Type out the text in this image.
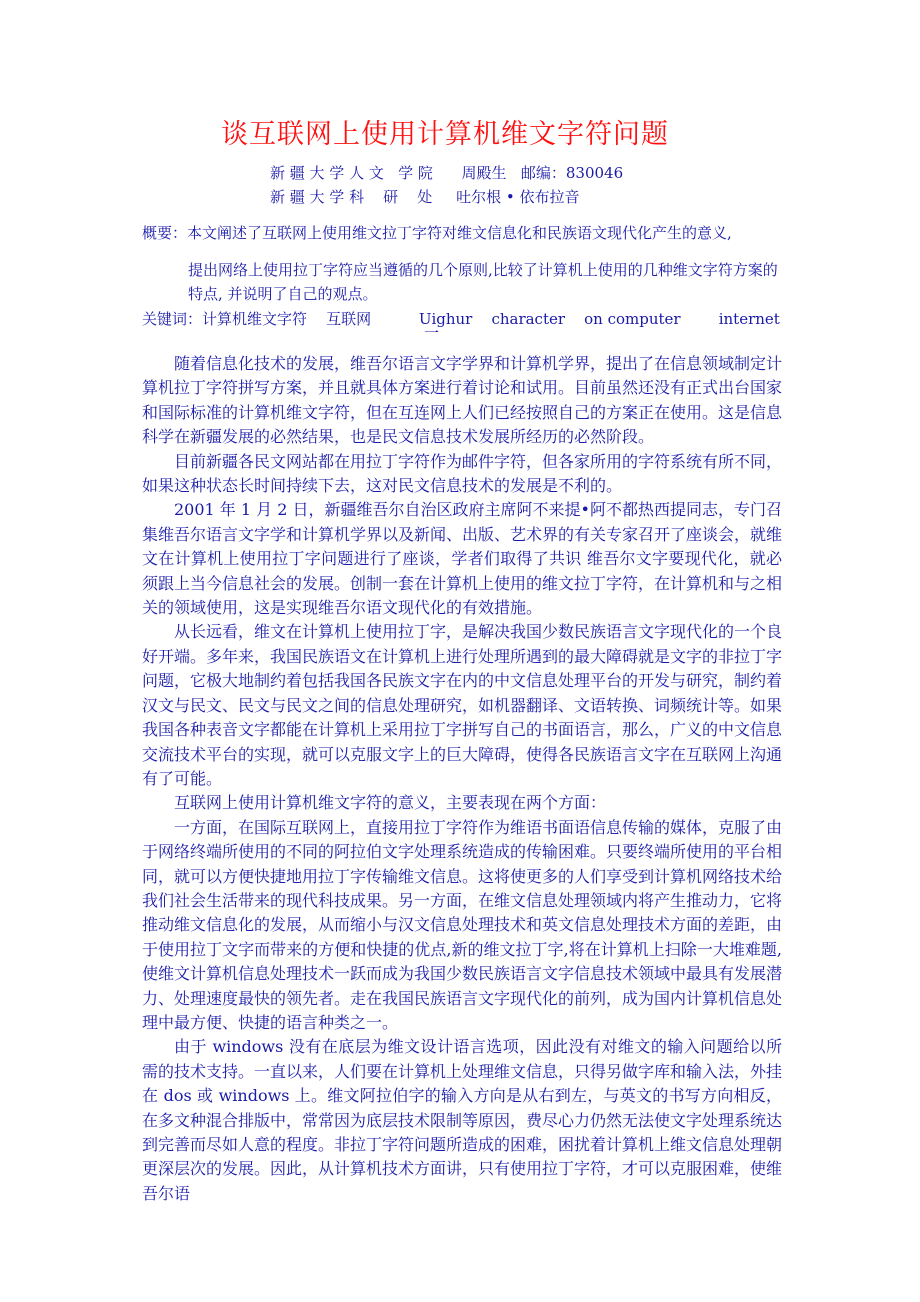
谈互联网上使用计算机维文字符问题
新 疆 大 学 人 文   学 院 周殿生 邮编：830046
新 疆 大 学 科    研    处 吐尔根 • 依布拉音
概要：本文阐述了互联网上使用维文拉丁字符对维文信息化和民族语文现代化产生的意义,
提出网络上使用拉丁字符应当遵循的几个原则,比较了计算机上使用的几种维文字符方案的特点, 并说明了自己的观点。
关键词：计算机维文字符 互联网	Uighur character on computer	internet
一

随着信息化技术的发展，维吾尔语言文字学界和计算机学界，提出了在信息领域制定计算机拉丁字符拼写方案，并且就具体方案进行着讨论和试用。目前虽然还没有正式出台国家和国际标准的计算机维文字符，但在互连网上人们已经按照自己的方案正在使用。这是信息科学在新疆发展的必然结果，也是民文信息技术发展所经历的必然阶段。

目前新疆各民文网站都在用拉丁字符作为邮件字符，但各家所用的字符系统有所不同，如果这种状态长时间持续下去，这对民文信息技术的发展是不利的。

2001 年 1 月 2 日，新疆维吾尔自治区政府主席阿不来提•阿不都热西提同志，专门召集维吾尔语言文字学和计算机学界以及新闻、出版、艺术界的有关专家召开了座谈会，就维文在计算机上使用拉丁字问题进行了座谈，学者们取得了共识 维吾尔文字要现代化，就必须跟上当今信息社会的发展。创制一套在计算机上使用的维文拉丁字符，在计算机和与之相关的领域使用，这是实现维吾尔语文现代化的有效措施。

从长远看，维文在计算机上使用拉丁字，是解决我国少数民族语言文字现代化的一个良好开端。多年来，我国民族语文在计算机上进行处理所遇到的最大障碍就是文字的非拉丁字问题，它极大地制约着包括我国各民族文字在内的中文信息处理平台的开发与研究，制约着汉文与民文、民文与民文之间的信息处理研究，如机器翻译、文语转换、词频统计等。如果我国各种表音文字都能在计算机上采用拉丁字拼写自己的书面语言，那么，广义的中文信息交流技术平台的实现，就可以克服文字上的巨大障碍，使得各民族语言文字在互联网上沟通有了可能。

互联网上使用计算机维文字符的意义，主要表现在两个方面：

一方面，在国际互联网上，直接用拉丁字符作为维语书面语信息传输的媒体，克服了由于网络终端所使用的不同的阿拉伯文字处理系统造成的传输困难。只要终端所使用的平台相同，就可以方便快捷地用拉丁字传输维文信息。这将使更多的人们享受到计算机网络技术给我们社会生活带来的现代科技成果。另一方面，在维文信息处理领域内将产生推动力，它将推动维文信息化的发展，从而缩小与汉文信息处理技术和英文信息处理技术方面的差距，由于使用拉丁文字而带来的方便和快捷的优点,新的维文拉丁字,将在计算机上扫除一大堆难题,使维文计算机信息处理技术一跃而成为我国少数民族语言文字信息技术领域中最具有发展潜力、处理速度最快的领先者。走在我国民族语言文字现代化的前列，成为国内计算机信息处理中最方便、快捷的语言种类之一。

由于 windows 没有在底层为维文设计语言选项，因此没有对维文的输入问题给以所需的技术支持。一直以来，人们要在计算机上处理维文信息，只得另做字库和输入法，外挂在 dos 或 windows 上。维文阿拉伯字的输入方向是从右到左，与英文的书写方向相反，在多文种混合排版中，常常因为底层技术限制等原因，费尽心力仍然无法使文字处理系统达到完善而尽如人意的程度。非拉丁字符问题所造成的困难，困扰着计算机上维文信息处理朝更深层次的发展。因此，从计算机技术方面讲，只有使用拉丁字符，才可以克服困难，使维吾尔语
